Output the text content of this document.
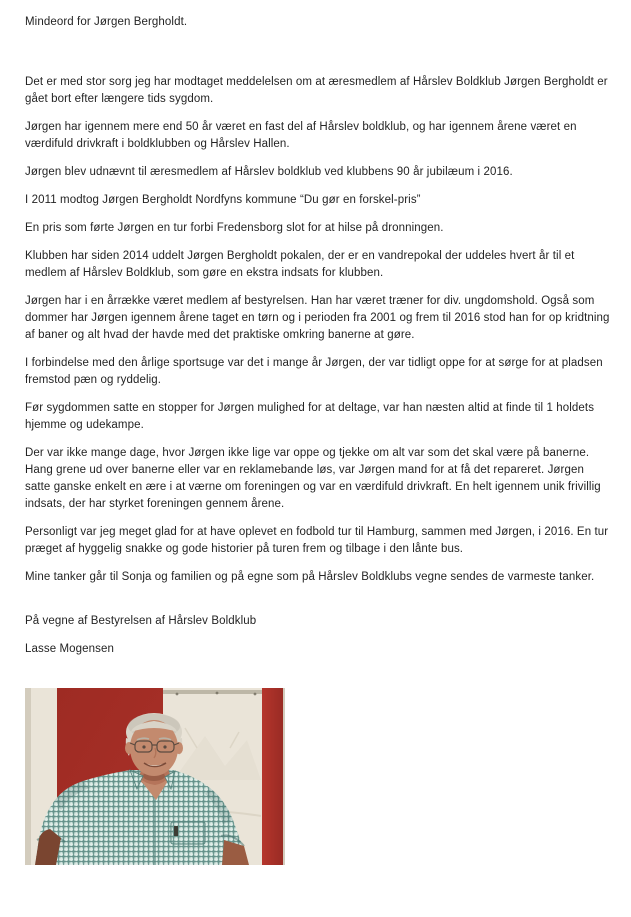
Mindeord for Jørgen Bergholdt.

Det er med stor sorg jeg har modtaget meddelelsen om at æresmedlem af Hårslev Boldklub Jørgen Bergholdt er gået bort efter længere tids sygdom.

Jørgen har igennem mere end 50 år været en fast del af Hårslev boldklub, og har igennem årene været en værdifuld drivkraft i boldklubben og Hårslev Hallen.

Jørgen blev udnævnt til æresmedlem af Hårslev boldklub ved klubbens 90 år jubilæum i 2016.

I 2011 modtog Jørgen Bergholdt Nordfyns kommune “Du gør en forskel-pris”

En pris som førte Jørgen en tur forbi Fredensborg slot for at hilse på dronningen.

Klubben har siden 2014 uddelt Jørgen Bergholdt pokalen, der er en vandrepokal der uddeles hvert år til et medlem af Hårslev Boldklub, som gøre en ekstra indsats for klubben.

Jørgen har i en årrække været medlem af bestyrelsen. Han har været træner for div. ungdomshold. Også som dommer har Jørgen igennem årene taget en tørn og i perioden fra 2001 og frem til 2016 stod han for op kridtning af baner og alt hvad der havde med det praktiske omkring banerne at gøre.

I forbindelse med den årlige sportsuge var det i mange år Jørgen, der var tidligt oppe for at sørge for at pladsen fremstod pæn og ryddelig.

Før sygdommen satte en stopper for Jørgen mulighed for at deltage, var han næsten altid at finde til 1 holdets hjemme og udekampe.

Der var ikke mange dage, hvor Jørgen ikke lige var oppe og tjekke om alt var som det skal være på banerne. Hang grene ud over banerne eller var en reklamebande løs, var Jørgen mand for at få det repareret. Jørgen satte ganske enkelt en ære i at værne om foreningen og var en værdifuld drivkraft. En helt igennem unik frivillig indsats, der har styrket foreningen gennem årene.

Personligt var jeg meget glad for at have oplevet en fodbold tur til Hamburg, sammen med Jørgen, i 2016. En tur præget af hyggelig snakke og gode historier på turen frem og tilbage i den lånte bus.

Mine tanker går til Sonja og familien og på egne som på Hårslev Boldklubs vegne sendes de varmeste tanker.

På vegne af Bestyrelsen af Hårslev Boldklub

Lasse Mogensen
